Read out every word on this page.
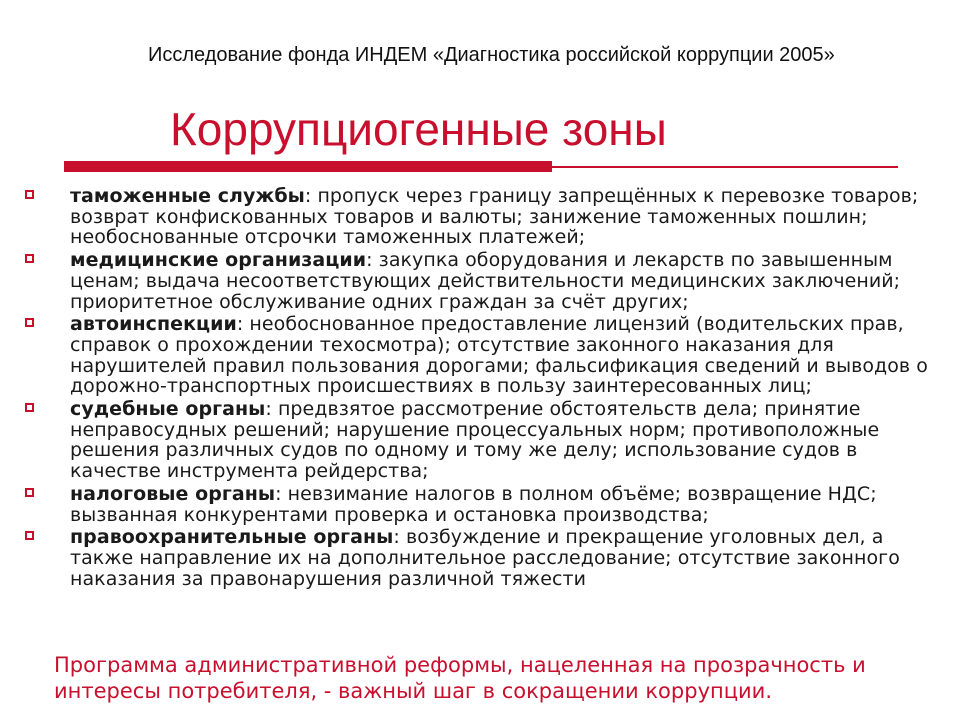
Исследование фонда ИНДЕМ «Диагностика российской коррупции 2005»
Коррупциогенные зоны
таможенные службы: пропуск через границу запрещённых к перевозке товаров; возврат конфискованных товаров и валюты; занижение таможенных пошлин; необоснованные отсрочки таможенных платежей;
медицинские организации: закупка оборудования и лекарств по завышенным ценам; выдача несоответствующих действительности медицинских заключений; приоритетное обслуживание одних граждан за счёт других;
автоинспекции: необоснованное предоставление лицензий (водительских прав, справок о прохождении техосмотра); отсутствие законного наказания для нарушителей правил пользования дорогами; фальсификация сведений и выводов о дорожно-транспортных происшествиях в пользу заинтересованных лиц;
судебные органы: предвзятое рассмотрение обстоятельств дела; принятие неправосудных решений; нарушение процессуальных норм; противоположные решения различных судов по одному и тому же делу; использование судов в качестве инструмента рейдерства;
налоговые органы: невзимание налогов в полном объёме; возвращение НДС; вызванная конкурентами проверка и остановка производства;
правоохранительные органы: возбуждение и прекращение уголовных дел, а также направление их на дополнительное расследование; отсутствие законного наказания за правонарушения различной тяжести

Программа административной реформы, нацеленная на прозрачность и интересы потребителя, - важный шаг в сокращении коррупции.
